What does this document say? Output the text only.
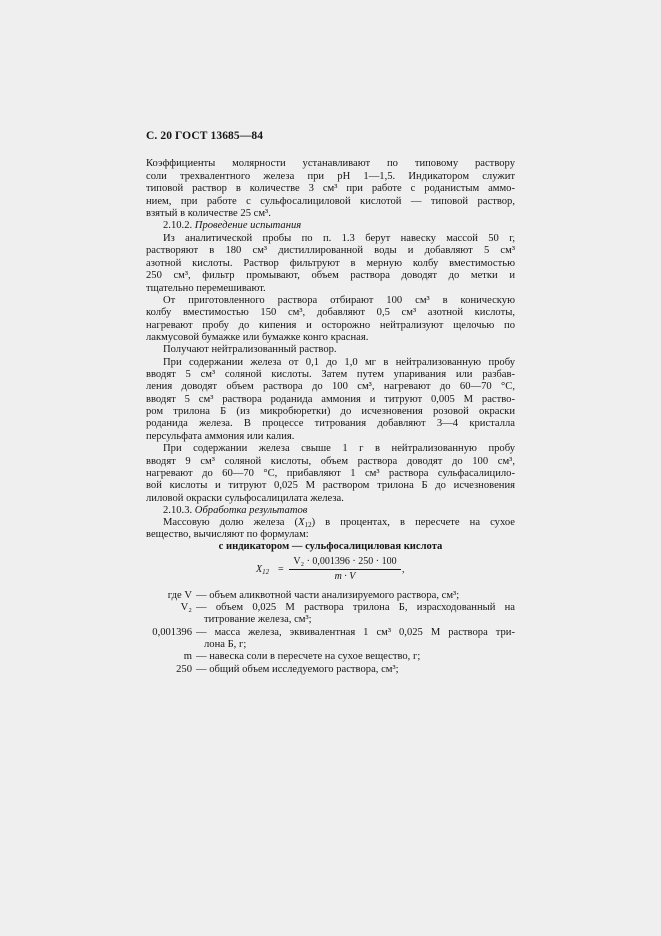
С. 20 ГОСТ 13685—84
Коэффициенты молярности устанавливают по типовому раствору
соли трехвалентного железа при pH 1—1,5. Индикатором служит
типовой раствор в количестве 3 см³ при работе с роданистым аммо-
нием, при работе с сульфосалициловой кислотой — типовой раствор,
взятый в количестве 25 см³.
2.10.2. Проведение испытания
Из аналитической пробы по п. 1.3 берут навеску массой 50 г,
растворяют в 180 см³ дистиллированной воды и добавляют 5 см³
азотной кислоты. Раствор фильтруют в мерную колбу вместимостью
250 см³, фильтр промывают, объем раствора доводят до метки и
тщательно перемешивают.
От приготовленного раствора отбирают 100 см³ в коническую
колбу вместимостью 150 см³, добавляют 0,5 см³ азотной кислоты,
нагревают пробу до кипения и осторожно нейтрализуют щелочью по
лакмусовой бумажке или бумажке конго красная.
Получают нейтрализованный раствор.
При содержании железа от 0,1 до 1,0 мг в нейтрализованную пробу
вводят 5 см³ соляной кислоты. Затем путем упаривания или разбав-
ления доводят объем раствора до 100 см³, нагревают до 60—70 °С,
вводят 5 см³ раствора роданида аммония и титруют 0,005 М раство-
ром трилона Б (из микробюретки) до исчезновения розовой окраски
роданида железа. В процессе титрования добавляют 3—4 кристалла
персульфата аммония или калия.
При содержании железа свыше 1 г в нейтрализованную пробу
вводят 9 см³ соляной кислоты, объем раствора доводят до 100 см³,
нагревают до 60—70 °С, прибавляют 1 см³ раствора сульфасалицило-
вой кислоты и титруют 0,025 М раствором трилона Б до исчезновения
лиловой окраски сульфосалицилата железа.
2.10.3. Обработка результатов
Массовую долю железа $(X_{12})$ в процентах, в пересчете на сухое
вещество, вычисляют по формулам:
с индикатором — сульфосалициловая кислота
$X_{12}$ =
V₂ · 0,001396 · 250 · 100
m · V
,
где V — объем аликвотной части анализируемого раствора, см³;
V₂ — объем 0,025 М раствора трилона Б, израсходованный на
титрование железа, см³;
0,001396 — масса железа, эквивалентная 1 см³ 0,025 М раствора три-
лона Б, г;
m — навеска соли в пересчете на сухое вещество, г;
250 — общий объем исследуемого раствора, см³;
